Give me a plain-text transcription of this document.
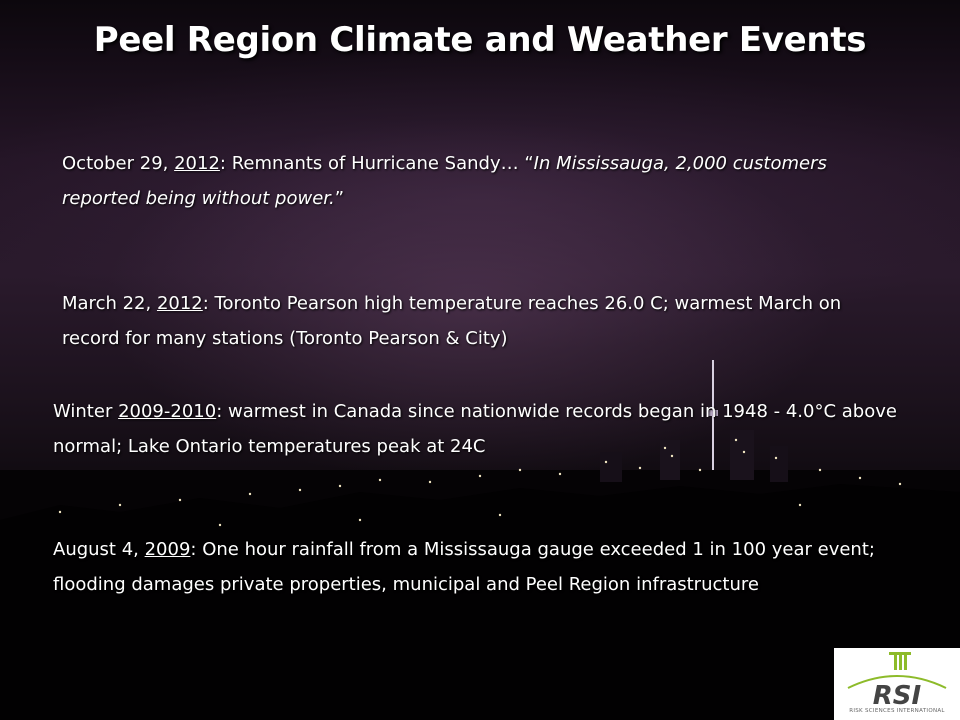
Peel Region Climate and Weather Events
October 29, 2012: Remnants of Hurricane Sandy… “In Mississauga, 2,000 customers reported being without power.”
March 22, 2012: Toronto Pearson high temperature reaches 26.0 C; warmest March on record for many stations (Toronto Pearson & City)
Winter 2009-2010: warmest in Canada since nationwide records began in 1948 - 4.0°C above normal; Lake Ontario temperatures peak at 24C
August 4, 2009: One hour rainfall from a Mississauga gauge exceeded 1 in 100 year event; flooding damages private properties, municipal and Peel Region infrastructure
RSI
RISK SCIENCES INTERNATIONAL
